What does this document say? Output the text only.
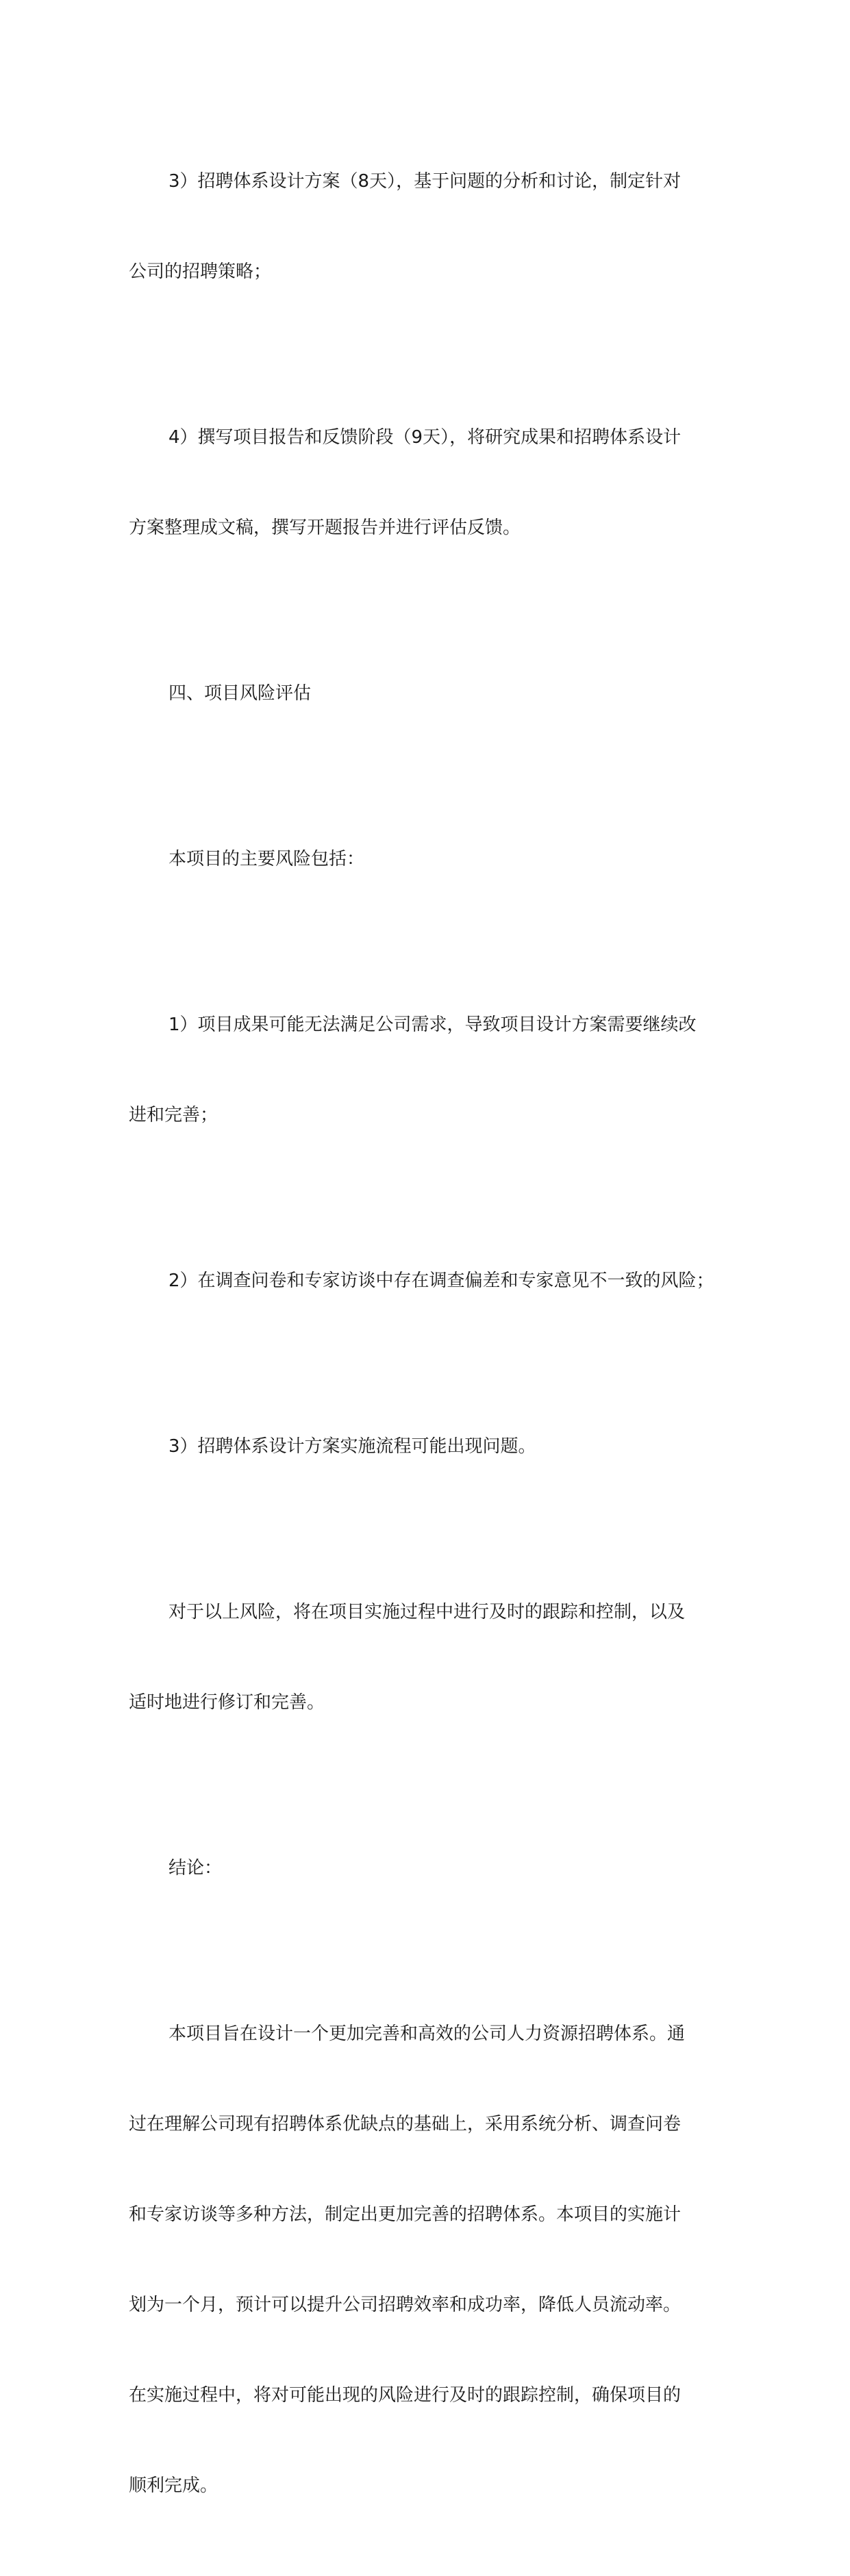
3）招聘体系设计方案（8天），基于问题的分析和讨论，制定针对

公司的招聘策略；

4）撰写项目报告和反馈阶段（9天），将研究成果和招聘体系设计

方案整理成文稿，撰写开题报告并进行评估反馈。

四、项目风险评估

本项目的主要风险包括：

1）项目成果可能无法满足公司需求，导致项目设计方案需要继续改

进和完善；

2）在调查问卷和专家访谈中存在调查偏差和专家意见不一致的风险；

3）招聘体系设计方案实施流程可能出现问题。

对于以上风险，将在项目实施过程中进行及时的跟踪和控制，以及

适时地进行修订和完善。

结论：

本项目旨在设计一个更加完善和高效的公司人力资源招聘体系。通

过在理解公司现有招聘体系优缺点的基础上，采用系统分析、调查问卷

和专家访谈等多种方法，制定出更加完善的招聘体系。本项目的实施计

划为一个月，预计可以提升公司招聘效率和成功率，降低人员流动率。

在实施过程中，将对可能出现的风险进行及时的跟踪控制，确保项目的

顺利完成。
